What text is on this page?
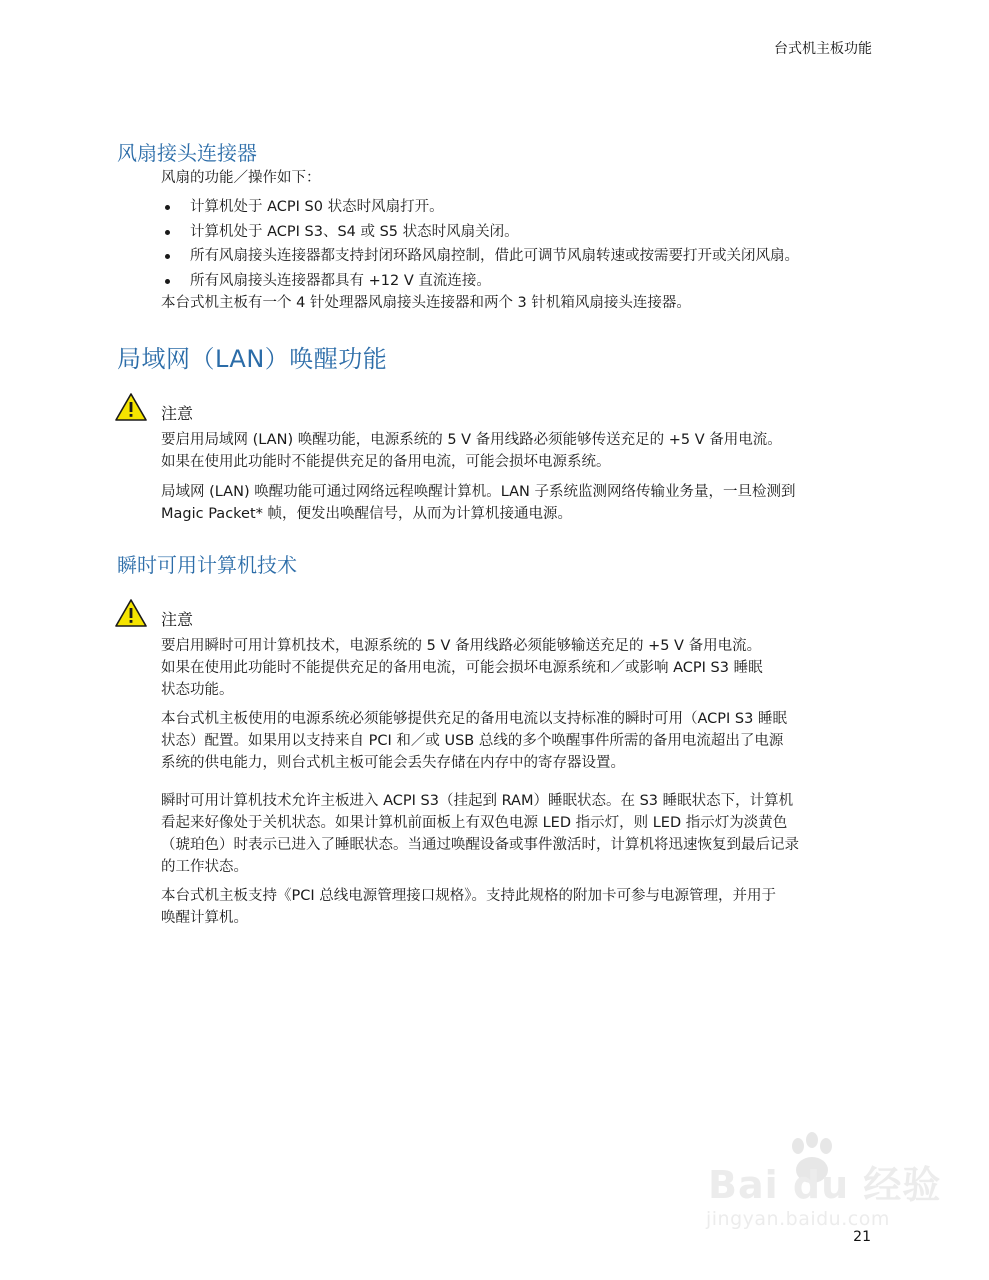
台式机主板功能
风扇接头连接器

风扇的功能／操作如下：

计算机处于 ACPI S0 状态时风扇打开。
计算机处于 ACPI S3、S4 或 S5 状态时风扇关闭。
所有风扇接头连接器都支持封闭环路风扇控制，借此可调节风扇转速或按需要打开或关闭风扇。
所有风扇接头连接器都具有 +12 V 直流连接。

本台式机主板有一个 4 针处理器风扇接头连接器和两个 3 针机箱风扇接头连接器。

局域网（LAN）唤醒功能
注意

要启用局域网 (LAN) 唤醒功能，电源系统的 5 V 备用线路必须能够传送充足的 +5 V 备用电流。
如果在使用此功能时不能提供充足的备用电流，可能会损坏电源系统。

局域网 (LAN) 唤醒功能可通过网络远程唤醒计算机。LAN 子系统监测网络传输业务量，一旦检测到
Magic Packet* 帧，便发出唤醒信号，从而为计算机接通电源。

瞬时可用计算机技术
注意

要启用瞬时可用计算机技术，电源系统的 5 V 备用线路必须能够输送充足的 +5 V 备用电流。
如果在使用此功能时不能提供充足的备用电流，可能会损坏电源系统和／或影响 ACPI S3 睡眠
状态功能。

本台式机主板使用的电源系统必须能够提供充足的备用电流以支持标准的瞬时可用（ACPI S3 睡眠
状态）配置。如果用以支持来自 PCI 和／或 USB 总线的多个唤醒事件所需的备用电流超出了电源
系统的供电能力，则台式机主板可能会丢失存储在内存中的寄存器设置。

瞬时可用计算机技术允许主板进入 ACPI S3（挂起到 RAM）睡眠状态。在 S3 睡眠状态下，计算机
看起来好像处于关机状态。如果计算机前面板上有双色电源 LED 指示灯，则 LED 指示灯为淡黄色
（琥珀色）时表示已进入了睡眠状态。当通过唤醒设备或事件激活时，计算机将迅速恢复到最后记录
的工作状态。

本台式机主板支持《PCI 总线电源管理接口规格》。支持此规格的附加卡可参与电源管理，并用于
唤醒计算机。

Bai du 经验
jingyan.baidu.com
21
